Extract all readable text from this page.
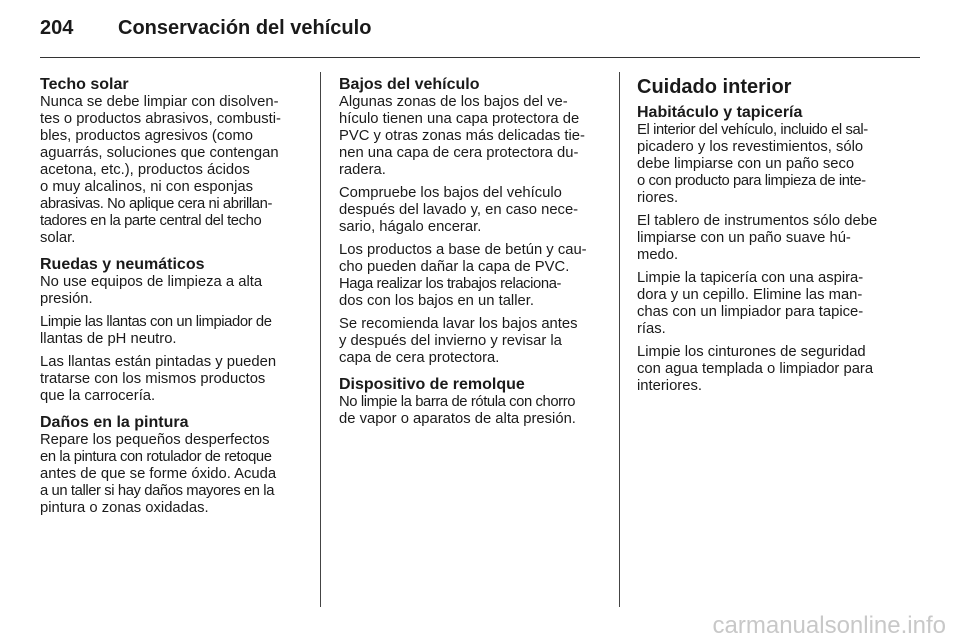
204 Conservación del vehículo
Techo solar
Nunca se debe limpiar con disolven-
tes o productos abrasivos, combusti-
bles, productos agresivos (como
aguarrás, soluciones que contengan
acetona, etc.), productos ácidos
o muy alcalinos, ni con esponjas
abrasivas. No aplique cera ni abrillan-
tadores en la parte central del techo
solar.
Ruedas y neumáticos
No use equipos de limpieza a alta
presión.
Limpie las llantas con un limpiador de
llantas de pH neutro.
Las llantas están pintadas y pueden
tratarse con los mismos productos
que la carrocería.
Daños en la pintura
Repare los pequeños desperfectos
en la pintura con rotulador de retoque
antes de que se forme óxido. Acuda
a un taller si hay daños mayores en la
pintura o zonas oxidadas.
Bajos del vehículo
Algunas zonas de los bajos del ve-
hículo tienen una capa protectora de
PVC y otras zonas más delicadas tie-
nen una capa de cera protectora du-
radera.
Compruebe los bajos del vehículo
después del lavado y, en caso nece-
sario, hágalo encerar.
Los productos a base de betún y cau-
cho pueden dañar la capa de PVC.
Haga realizar los trabajos relaciona-
dos con los bajos en un taller.
Se recomienda lavar los bajos antes
y después del invierno y revisar la
capa de cera protectora.
Dispositivo de remolque
No limpie la barra de rótula con chorro
de vapor o aparatos de alta presión.
Cuidado interior
Habitáculo y tapicería
El interior del vehículo, incluido el sal-
picadero y los revestimientos, sólo
debe limpiarse con un paño seco
o con producto para limpieza de inte-
riores.
El tablero de instrumentos sólo debe
limpiarse con un paño suave hú-
medo.
Limpie la tapicería con una aspira-
dora y un cepillo. Elimine las man-
chas con un limpiador para tapice-
rías.
Limpie los cinturones de seguridad
con agua templada o limpiador para
interiores.
carmanualsonline.info
